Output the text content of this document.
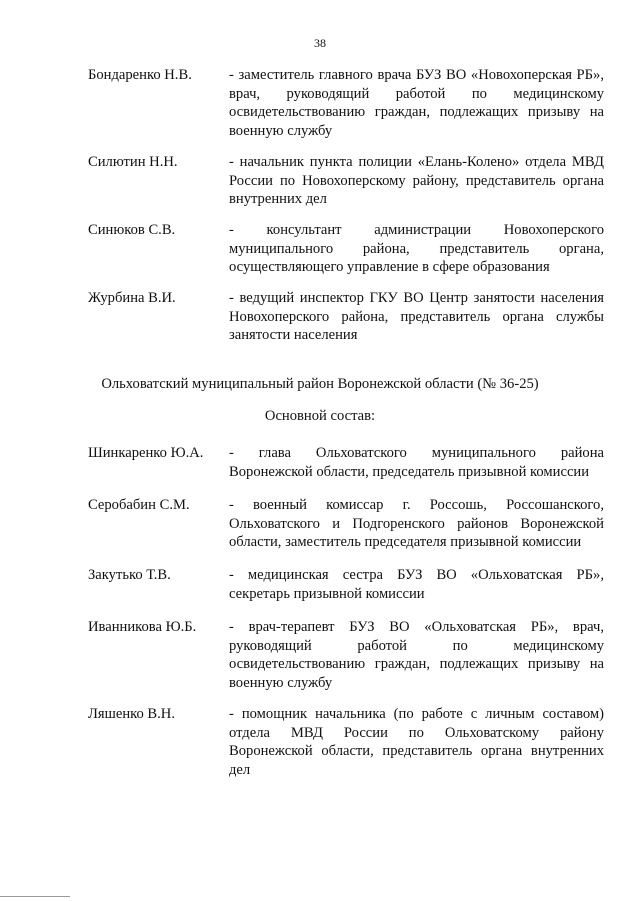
38
Бондаренко Н.В.	- заместитель главного врача БУЗ ВО «Новохоперская РБ», врач, руководящий работой по медицинскому освидетельствованию граждан, подлежащих призыву на военную службу
Силютин Н.Н.	- начальник пункта полиции «Елань-Колено» отдела МВД России по Новохоперскому району, представитель органа внутренних дел
Синюков С.В.	- консультант администрации Новохоперского муниципального района, представитель органа, осуществляющего управление в сфере образования
Журбина В.И.	- ведущий инспектор ГКУ ВО Центр занятости населения Новохоперского района, представитель органа службы занятости населения
Ольховатский муниципальный район Воронежской области (№ 36-25)
Основной состав:
Шинкаренко Ю.А.	- глава Ольховатского муниципального района Воронежской области, председатель призывной комиссии
Серобабин С.М.	- военный комиссар г. Россошь, Россошанского, Ольховатского и Подгоренского районов Воронежской области, заместитель председателя призывной комиссии
Закутько Т.В.	- медицинская сестра БУЗ ВО «Ольховатская РБ», секретарь призывной комиссии
Иванникова Ю.Б.	- врач-терапевт БУЗ ВО «Ольховатская РБ», врач, руководящий работой по медицинскому освидетельствованию граждан, подлежащих призыву на военную службу
Ляшенко В.Н.	- помощник начальника (по работе с личным составом) отдела МВД России по Ольховатскому району Воронежской области, представитель органа внутренних дел
